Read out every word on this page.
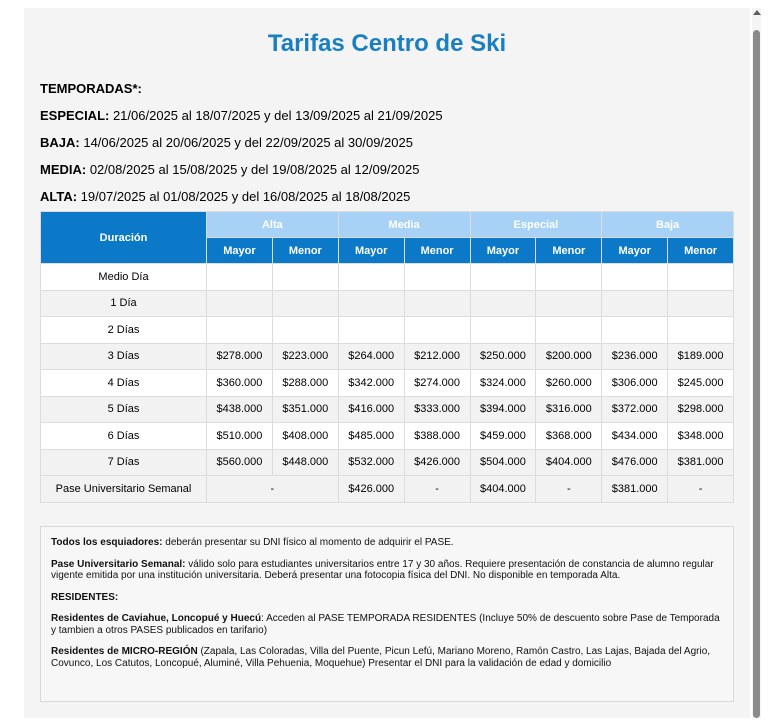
Tarifas Centro de Ski
TEMPORADAS*:
ESPECIAL: 21/06/2025 al 18/07/2025 y del 13/09/2025 al 21/09/2025
BAJA: 14/06/2025 al 20/06/2025 y del 22/09/2025 al 30/09/2025
MEDIA: 02/08/2025 al 15/08/2025 y del 19/08/2025 al 12/09/2025
ALTA: 19/07/2025 al 01/08/2025 y del 16/08/2025 al 18/08/2025
Duración	Alta		Media		Especial		Baja	
	Mayor	Menor	Mayor	Menor	Mayor	Menor	Mayor	Menor
Medio Día								
1 Día								
2 Días								
3 Días	$278.000	$223.000	$264.000	$212.000	$250.000	$200.000	$236.000	$189.000
4 Días	$360.000	$288.000	$342.000	$274.000	$324.000	$260.000	$306.000	$245.000
5 Días	$438.000	$351.000	$416.000	$333.000	$394.000	$316.000	$372.000	$298.000
6 Días	$510.000	$408.000	$485.000	$388.000	$459.000	$368.000	$434.000	$348.000
7 Días	$560.000	$448.000	$532.000	$426.000	$504.000	$404.000	$476.000	$381.000
Pase Universitario Semanal	-		$426.000	-	$404.000	-	$381.000	-

Todos los esquiadores: deberán presentar su DNI físico al momento de adquirir el PASE.

Pase Universitario Semanal: válido solo para estudiantes universitarios entre 17 y 30 años. Requiere presentación de constancia de alumno regular vigente emitida por una institución universitaria. Deberá presentar una fotocopia física del DNI. No disponible en temporada Alta.

RESIDENTES:

Residentes de Caviahue, Loncopué y Huecú: Acceden al PASE TEMPORADA RESIDENTES (Incluye 50% de descuento sobre Pase de Temporada y tambien a otros PASES publicados en tarifario)

Residentes de MICRO-REGIÓN (Zapala, Las Coloradas, Villa del Puente, Picun Lefú, Mariano Moreno, Ramón Castro, Las Lajas, Bajada del Agrio, Covunco, Los Catutos, Loncopué, Aluminé, Villa Pehuenia, Moquehue) Presentar el DNI para la validación de edad y domicilio
